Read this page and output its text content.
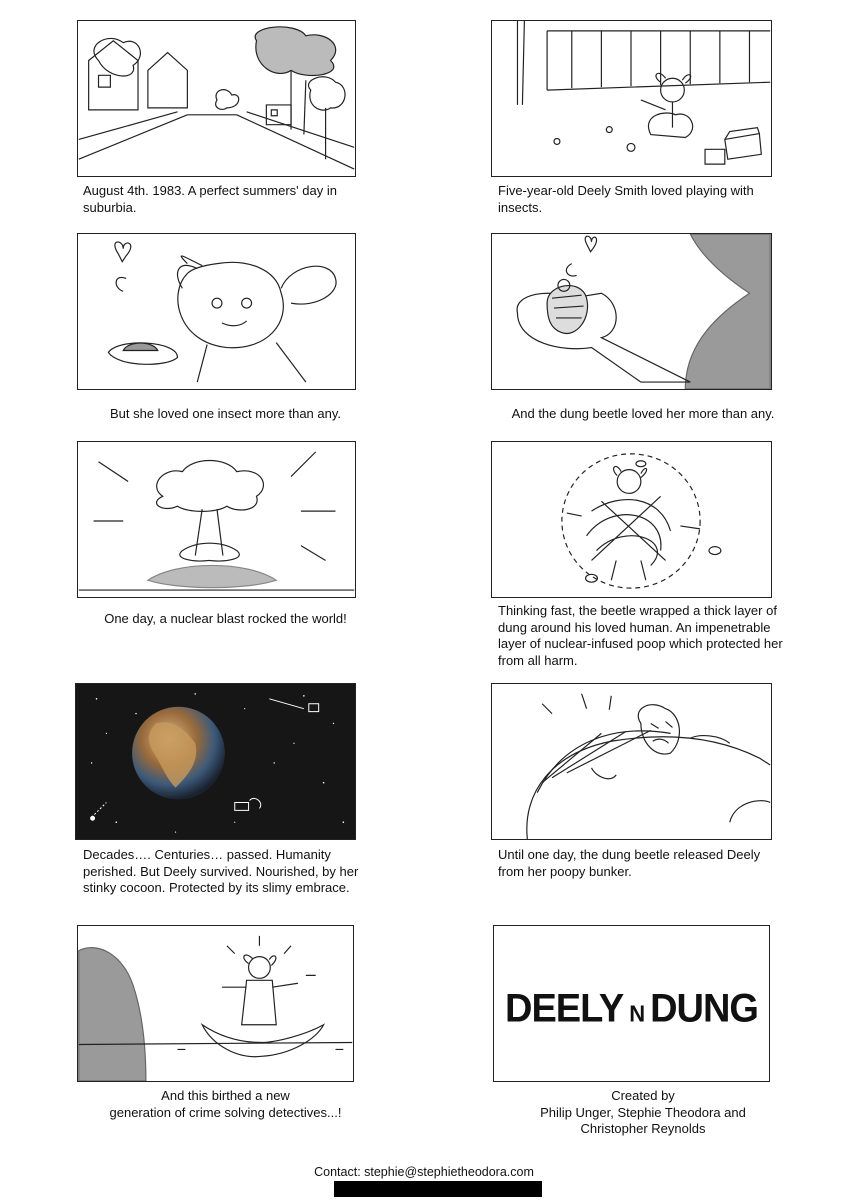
August 4th. 1983. A perfect summers' day in suburbia.
Five-year-old Deely Smith loved playing with insects.
But she loved one insect more than any.	And the dung beetle loved her more than any.
One day, a nuclear blast rocked the world!
Thinking fast, the beetle wrapped a thick layer of dung around his loved human. An impenetrable layer of nuclear-infused poop which protected her from all harm.
Decades…. Centuries… passed. Humanity perished. But Deely survived. Nourished, by her stinky cocoon. Protected by its slimy embrace.
Until one day, the dung beetle released Deely from her poopy bunker.
And this birthed a new
generation of crime solving detectives...!
DEELY N DUNG
Created by
Philip Unger, Stephie Theodora and
Christopher Reynolds
Contact: stephie@stephietheodora.com
